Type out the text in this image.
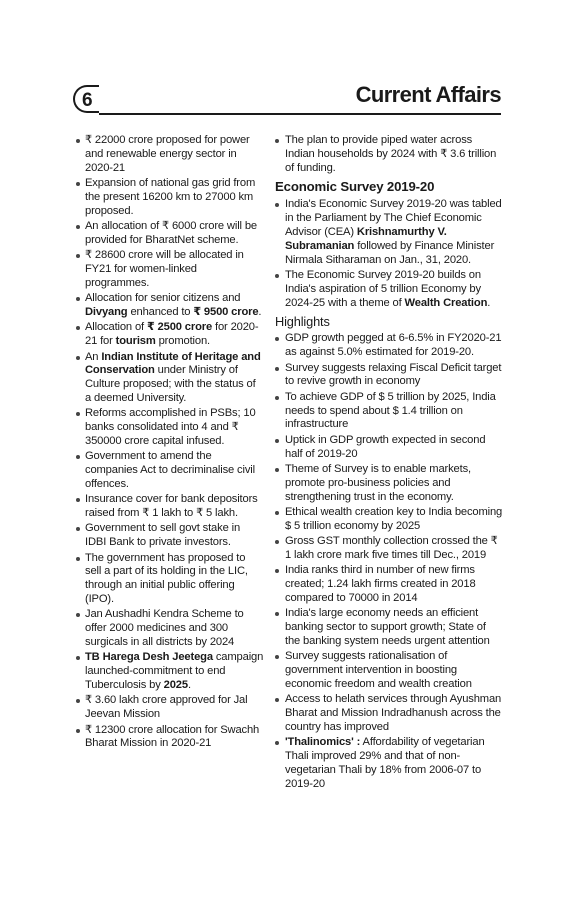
6	Current Affairs
₹ 22000 crore proposed for power and renewable energy sector in 2020-21
Expansion of national gas grid from the present 16200 km to 27000 km proposed.
An allocation of ₹ 6000 crore will be provided for BharatNet scheme.
₹ 28600 crore will be allocated in FY21 for women-linked programmes.
Allocation for senior citizens and Divyang enhanced to ₹ 9500 crore.
Allocation of ₹ 2500 crore for 2020-21 for tourism promotion.
An Indian Institute of Heritage and Conservation under Ministry of Culture proposed; with the status of a deemed University.
Reforms accomplished in PSBs; 10 banks consolidated into 4 and ₹ 350000 crore capital infused.
Government to amend the companies Act to decriminalise civil offences.
Insurance cover for bank depositors raised from ₹ 1 lakh to ₹ 5 lakh.
Government to sell govt stake in IDBI Bank to private investors.
The government has proposed to sell a part of its holding in the LIC, through an initial public offering (IPO).
Jan Aushadhi Kendra Scheme to offer 2000 medicines and 300 surgicals in all districts by 2024
TB Harega Desh Jeetega campaign launched-commitment to end Tuberculosis by 2025.
₹ 3.60 lakh crore approved for Jal Jeevan Mission
₹ 12300 crore allocation for Swachh Bharat Mission in 2020-21
The plan to provide piped water across Indian households by 2024 with ₹ 3.6 trillion of funding.
Economic Survey 2019-20
India's Economic Survey 2019-20 was tabled in the Parliament by The Chief Economic Advisor (CEA) Krishnamurthy V. Subramanian followed by Finance Minister Nirmala Sitharaman on Jan., 31, 2020.
The Economic Survey 2019-20 builds on India's aspiration of 5 trillion Economy by 2024-25 with a theme of Wealth Creation.
Highlights
GDP growth pegged at 6-6.5% in FY2020-21 as against 5.0% estimated for 2019-20.
Survey suggests relaxing Fiscal Deficit target to revive growth in economy
To achieve GDP of $ 5 trillion by 2025, India needs to spend about $ 1.4 trillion on infrastructure
Uptick in GDP growth expected in second half of 2019-20
Theme of Survey is to enable markets, promote pro-business policies and strengthening trust in the economy.
Ethical wealth creation key to India becoming $ 5 trillion economy by 2025
Gross GST monthly collection crossed the ₹ 1 lakh crore mark five times till Dec., 2019
India ranks third in number of new firms created; 1.24 lakh firms created in 2018 compared to 70000 in 2014
India's large economy needs an efficient banking sector to support growth; State of the banking system needs urgent attention
Survey suggests rationalisation of government intervention in boosting economic freedom and wealth creation
Access to helath services through Ayushman Bharat and Mission Indradhanush across the country has improved
'Thalinomics' : Affordability of vegetarian Thali improved 29% and that of non-vegetarian Thali by 18% from 2006-07 to 2019-20
